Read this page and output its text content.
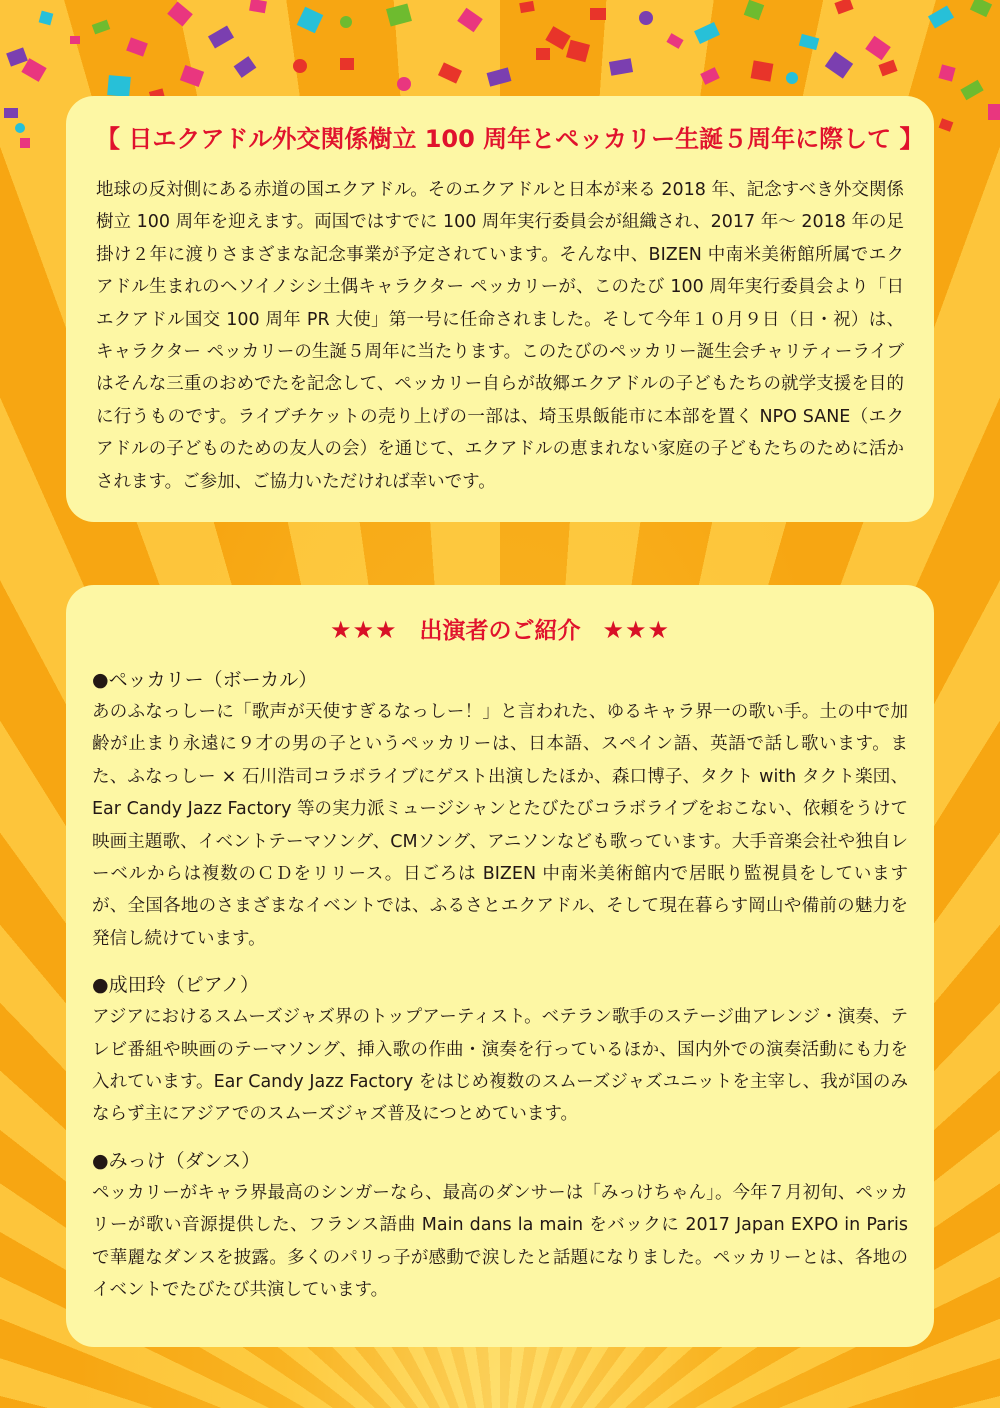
【 日エクアドル外交関係樹立 100 周年とペッカリー生誕５周年に際して 】

地球の反対側にある赤道の国エクアドル。そのエクアドルと日本が来る 2018 年、記念すべき外交関係樹立 100 周年を迎えます。両国ではすでに 100 周年実行委員会が組織され、2017 年～ 2018 年の足掛け２年に渡りさまざまな記念事業が予定されています。そんな中、BIZEN 中南米美術館所属でエクアドル生まれのヘソイノシシ土偶キャラクター ペッカリーが、このたび 100 周年実行委員会より「日エクアドル国交 100 周年 PR 大使」第一号に任命されました。そして今年１０月９日（日・祝）は、キャラクター ペッカリーの生誕５周年に当たります。このたびのペッカリー誕生会チャリティーライブはそんな三重のおめでたを記念して、ペッカリー自らが故郷エクアドルの子どもたちの就学支援を目的に行うものです。ライブチケットの売り上げの一部は、埼玉県飯能市に本部を置く NPO SANE（エクアドルの子どものための友人の会）を通じて、エクアドルの恵まれない家庭の子どもたちのために活かされます。ご参加、ご協力いただければ幸いです。

★★★ 出演者のご紹介 ★★★

●ペッカリー（ボーカル）

あのふなっしーに「歌声が天使すぎるなっしー！」と言われた、ゆるキャラ界一の歌い手。土の中で加齢が止まり永遠に９才の男の子というペッカリーは、日本語、スペイン語、英語で話し歌います。また、ふなっしー × 石川浩司コラボライブにゲスト出演したほか、森口博子、タクト with タクト楽団、Ear Candy Jazz Factory 等の実力派ミュージシャンとたびたびコラボライブをおこない、依頼をうけて映画主題歌、イベントテーマソング、CMソング、アニソンなども歌っています。大手音楽会社や独自レーベルからは複数のＣＤをリリース。日ごろは BIZEN 中南米美術館内で居眠り監視員をしていますが、全国各地のさまざまなイベントでは、ふるさとエクアドル、そして現在暮らす岡山や備前の魅力を発信し続けています。

●成田玲（ピアノ）

アジアにおけるスムーズジャズ界のトップアーティスト。ベテラン歌手のステージ曲アレンジ・演奏、テレビ番組や映画のテーマソング、挿入歌の作曲・演奏を行っているほか、国内外での演奏活動にも力を入れています。Ear Candy Jazz Factory をはじめ複数のスムーズジャズユニットを主宰し、我が国のみならず主にアジアでのスムーズジャズ普及につとめています。

●みっけ（ダンス）

ペッカリーがキャラ界最高のシンガーなら、最高のダンサーは「みっけちゃん」。今年７月初旬、ペッカリーが歌い音源提供した、フランス語曲 Main dans la main をバックに 2017 Japan EXPO in Paris で華麗なダンスを披露。多くのパリっ子が感動で涙したと話題になりました。ペッカリーとは、各地のイベントでたびたび共演しています。
